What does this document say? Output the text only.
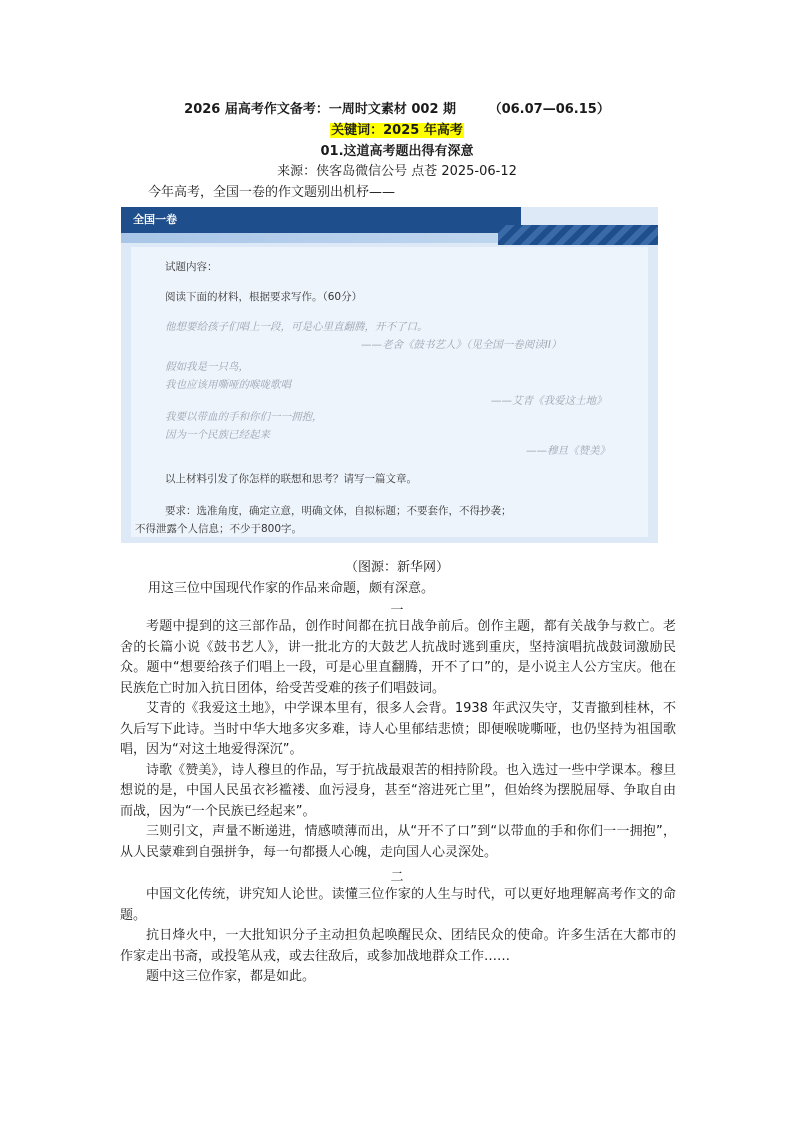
2026 届高考作文备考：一周时文素材 002 期	（06.07—06.15）
关键词：2025 年高考
01.这道高考题出得有深意
来源：侠客岛微信公号 点苍 2025-06-12
今年高考，全国一卷的作文题别出机杼——
全国一卷
试题内容：
阅读下面的材料，根据要求写作。（60分）
他想要给孩子们唱上一段，可是心里直翻腾，开不了口。
——老舍《鼓书艺人》（见全国一卷阅读II）
假如我是一只鸟，
我也应该用嘶哑的喉咙歌唱
——艾青《我爱这土地》
我要以带血的手和你们一一拥抱，
因为一个民族已经起来
——穆旦《赞美》
以上材料引发了你怎样的联想和思考？请写一篇文章。
要求：选准角度，确定立意，明确文体，自拟标题；不要套作，不得抄袭；
不得泄露个人信息；不少于800字。
（图源：新华网）
用这三位中国现代作家的作品来命题，颇有深意。
一

考题中提到的这三部作品，创作时间都在抗日战争前后。创作主题，都有关战争与救亡。老舍的长篇小说《鼓书艺人》，讲一批北方的大鼓艺人抗战时逃到重庆，坚持演唱抗战鼓词激励民众。题中“想要给孩子们唱上一段，可是心里直翻腾，开不了口”的，是小说主人公方宝庆。他在民族危亡时加入抗日团体，给受苦受难的孩子们唱鼓词。

艾青的《我爱这土地》，中学课本里有，很多人会背。1938 年武汉失守，艾青撤到桂林，不久后写下此诗。当时中华大地多灾多难，诗人心里郁结悲愤；即便喉咙嘶哑，也仍坚持为祖国歌唱，因为“对这土地爱得深沉”。

诗歌《赞美》，诗人穆旦的作品，写于抗战最艰苦的相持阶段。也入选过一些中学课本。穆旦想说的是，中国人民虽衣衫褴褛、血污浸身，甚至“溶进死亡里”，但始终为摆脱屈辱、争取自由而战，因为“一个民族已经起来”。

三则引文，声量不断递进，情感喷薄而出，从“开不了口”到“以带血的手和你们一一拥抱”，从人民蒙难到自强拼争，每一句都摄人心魄，走向国人心灵深处。

二

中国文化传统，讲究知人论世。读懂三位作家的人生与时代，可以更好地理解高考作文的命题。

抗日烽火中，一大批知识分子主动担负起唤醒民众、团结民众的使命。许多生活在大都市的作家走出书斋，或投笔从戎，或去往敌后，或参加战地群众工作……

题中这三位作家，都是如此。
